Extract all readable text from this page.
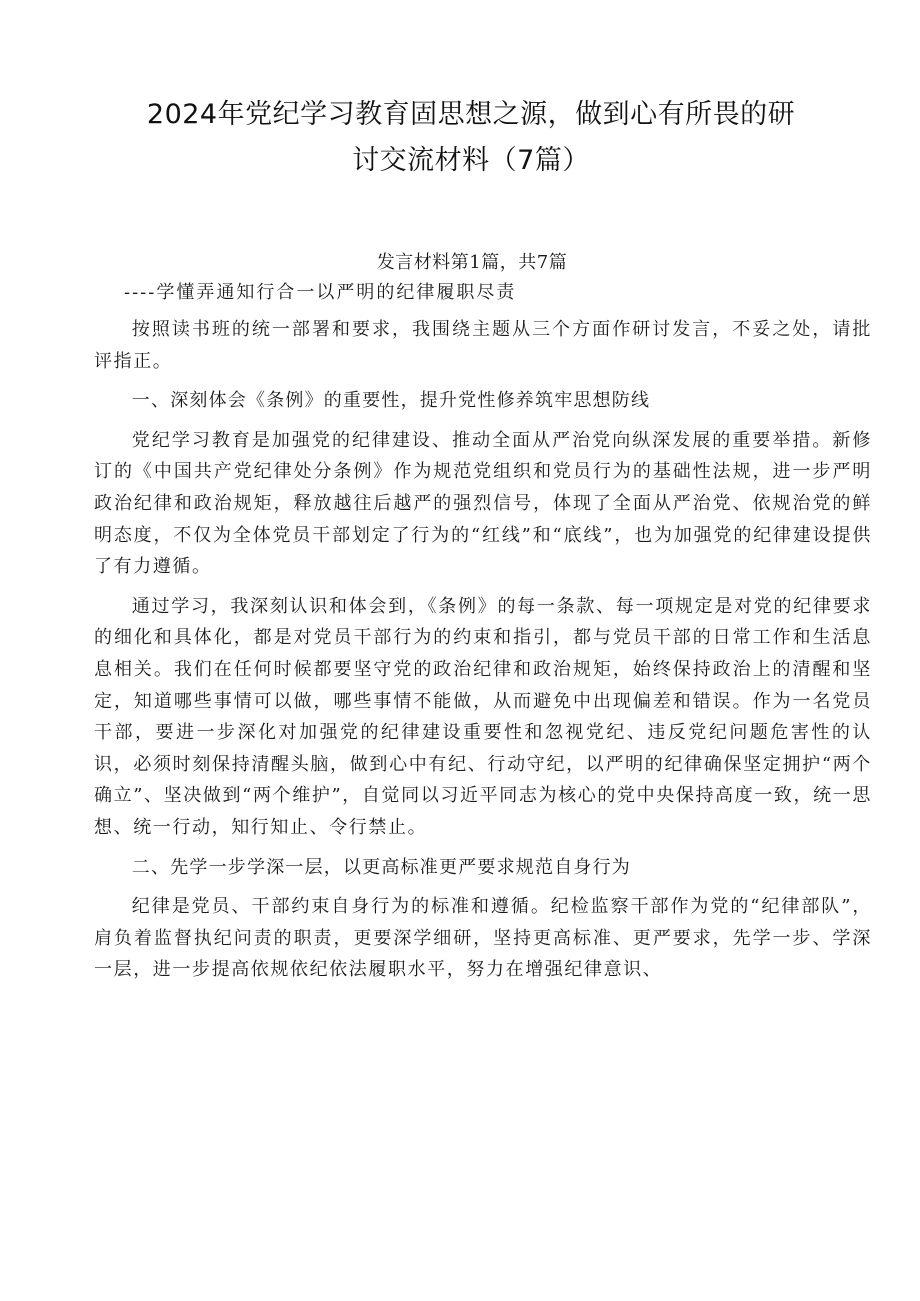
2024年党纪学习教育固思想之源，做到心有所畏的研
讨交流材料（7篇）
发言材料第1篇，共7篇
----学懂弄通知行合一以严明的纪律履职尽责

按照读书班的统一部署和要求，我围绕主题从三个方面作研讨发言，不妥之处，请批评指正。

一、深刻体会《条例》的重要性，提升党性修养筑牢思想防线

党纪学习教育是加强党的纪律建设、推动全面从严治党向纵深发展的重要举措。新修订的《中国共产党纪律处分条例》作为规范党组织和党员行为的基础性法规，进一步严明政治纪律和政治规矩，释放越往后越严的强烈信号，体现了全面从严治党、依规治党的鲜明态度，不仅为全体党员干部划定了行为的“红线”和“底线”，也为加强党的纪律建设提供了有力遵循。

通过学习，我深刻认识和体会到，《条例》的每一条款、每一项规定是对党的纪律要求的细化和具体化，都是对党员干部行为的约束和指引，都与党员干部的日常工作和生活息息相关。我们在任何时候都要坚守党的政治纪律和政治规矩，始终保持政治上的清醒和坚定，知道哪些事情可以做，哪些事情不能做，从而避免中出现偏差和错误。作为一名党员干部，要进一步深化对加强党的纪律建设重要性和忽视党纪、违反党纪问题危害性的认识，必须时刻保持清醒头脑，做到心中有纪、行动守纪，以严明的纪律确保坚定拥护“两个确立”、坚决做到“两个维护”，自觉同以习近平同志为核心的党中央保持高度一致，统一思想、统一行动，知行知止、令行禁止。

二、先学一步学深一层，以更高标准更严要求规范自身行为

纪律是党员、干部约束自身行为的标准和遵循。纪检监察干部作为党的“纪律部队”，肩负着监督执纪问责的职责，更要深学细研，坚持更高标准、更严要求，先学一步、学深一层，进一步提高依规依纪依法履职水平，努力在增强纪律意识、
